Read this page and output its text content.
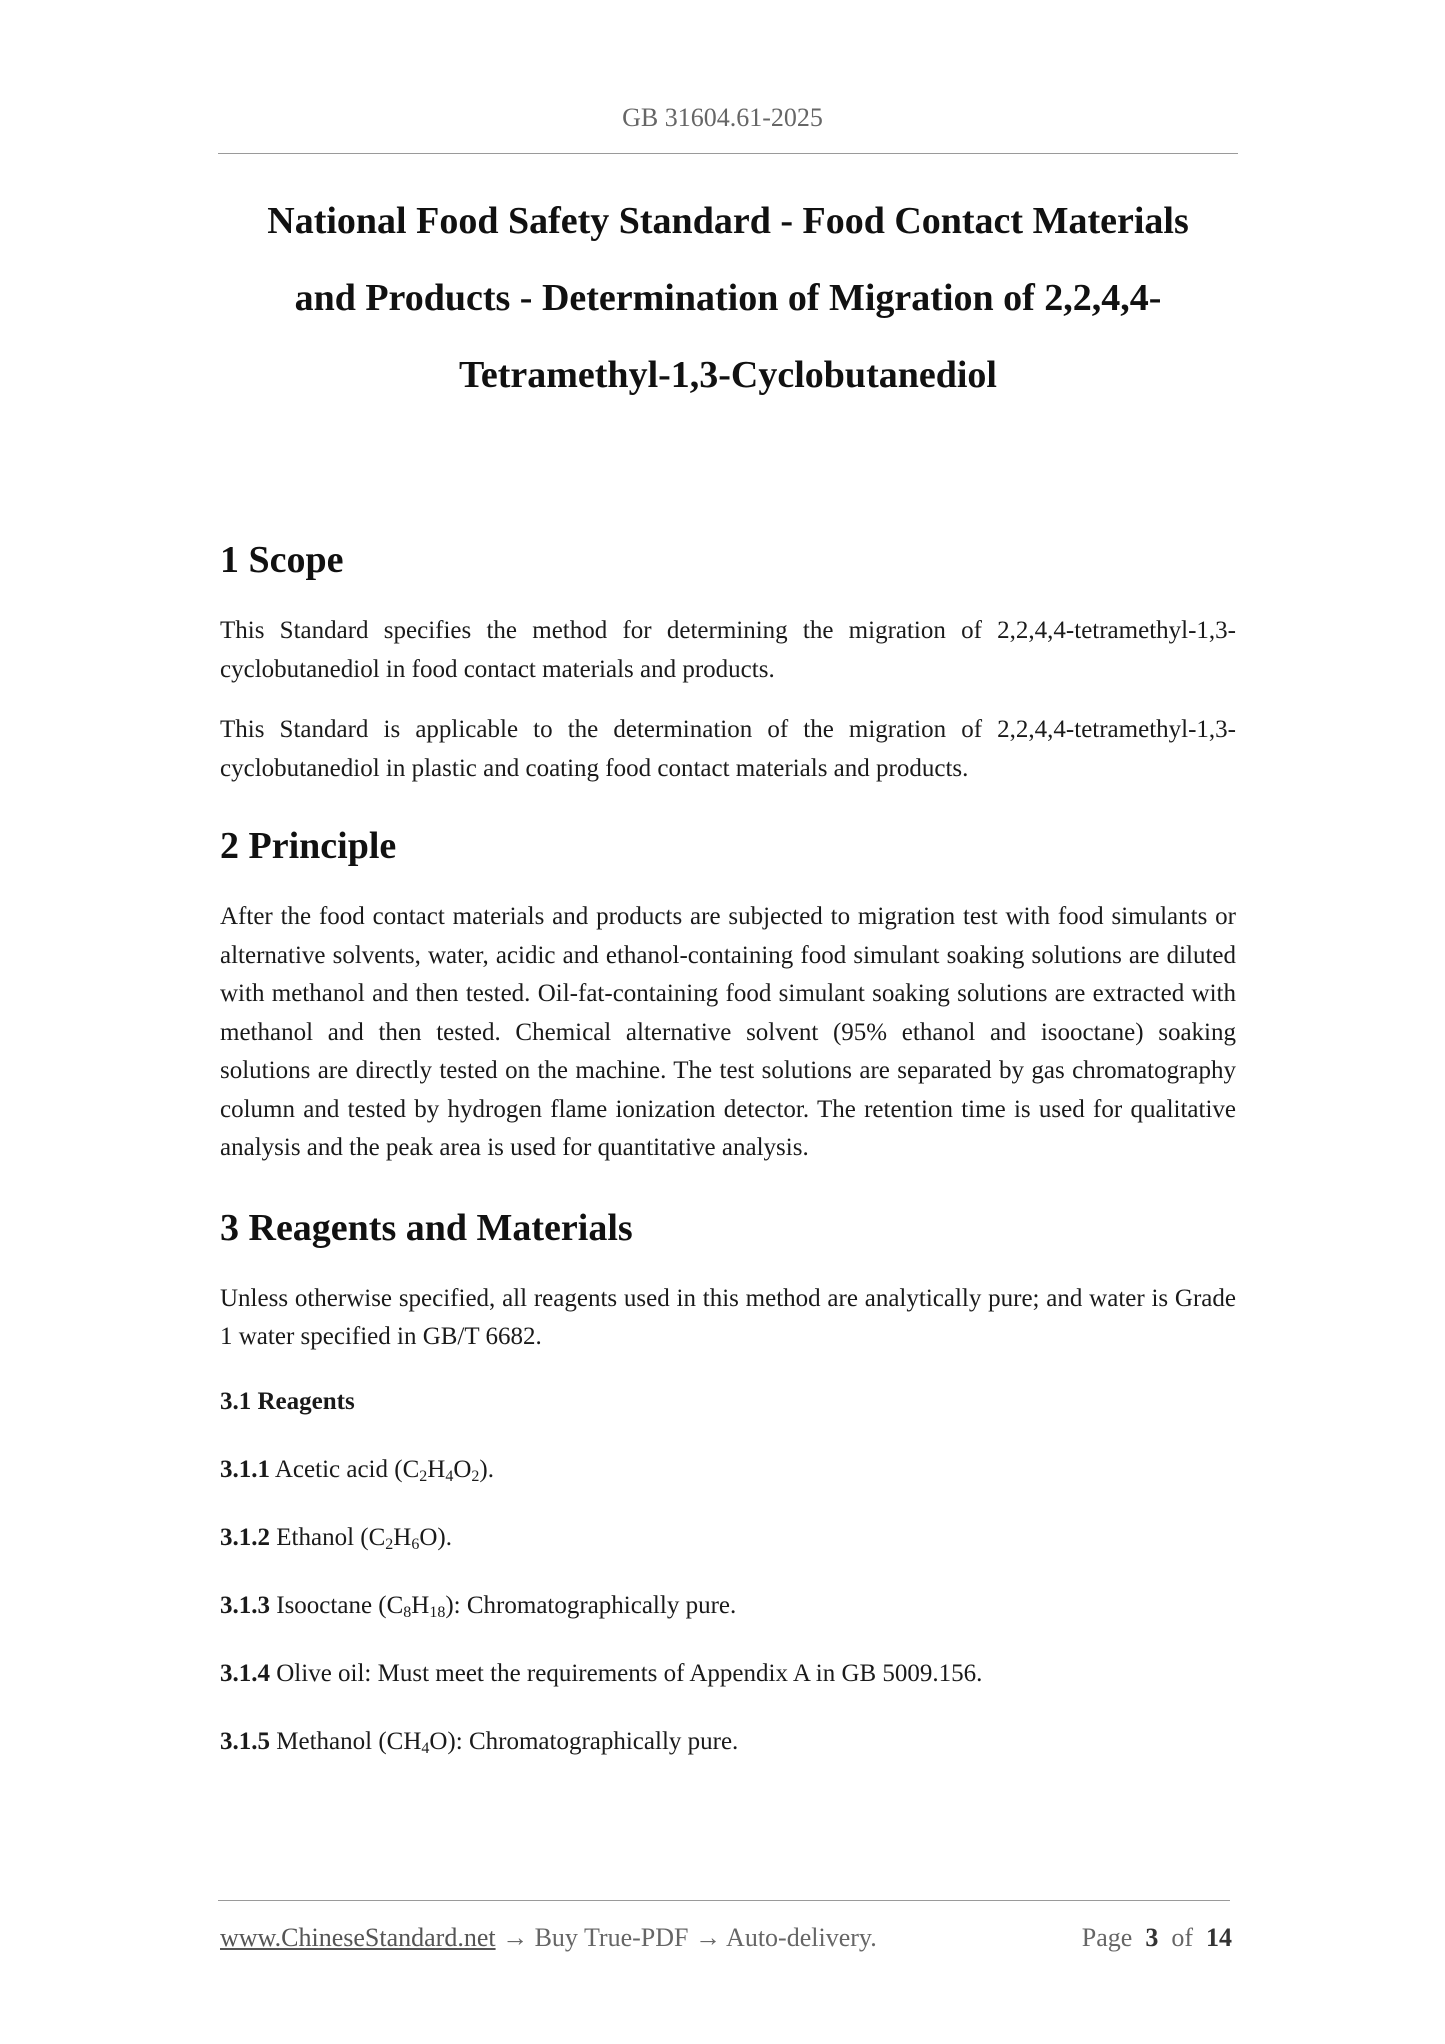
GB 31604.61-2025
National Food Safety Standard - Food Contact Materials
and Products - Determination of Migration of 2,2,4,4-
Tetramethyl-1,3-Cyclobutanediol
1 Scope

This Standard specifies the method for determining the migration of 2,2,4,4-tetramethyl-1,3-cyclobutanediol in food contact materials and products.

This Standard is applicable to the determination of the migration of 2,2,4,4-tetramethyl-1,3-cyclobutanediol in plastic and coating food contact materials and products.

2 Principle

After the food contact materials and products are subjected to migration test with food simulants or alternative solvents, water, acidic and ethanol-containing food simulant soaking solutions are diluted with methanol and then tested. Oil-fat-containing food simulant soaking solutions are extracted with methanol and then tested. Chemical alternative solvent (95% ethanol and isooctane) soaking solutions are directly tested on the machine. The test solutions are separated by gas chromatography column and tested by hydrogen flame ionization detector. The retention time is used for qualitative analysis and the peak area is used for quantitative analysis.

3 Reagents and Materials

Unless otherwise specified, all reagents used in this method are analytically pure; and water is Grade 1 water specified in GB/T 6682.

3.1 Reagents

3.1.1 Acetic acid $(C_2H_4O_2)$.

3.1.2 Ethanol $(C_2H_6O)$.

3.1.3 Isooctane $(C_8H_{18})$: Chromatographically pure.

3.1.4 Olive oil: Must meet the requirements of Appendix A in GB 5009.156.

3.1.5 Methanol $(CH_4O)$: Chromatographically pure.

www.ChineseStandard.net → Buy True-PDF → Auto-delivery.	Page 3 of 14
